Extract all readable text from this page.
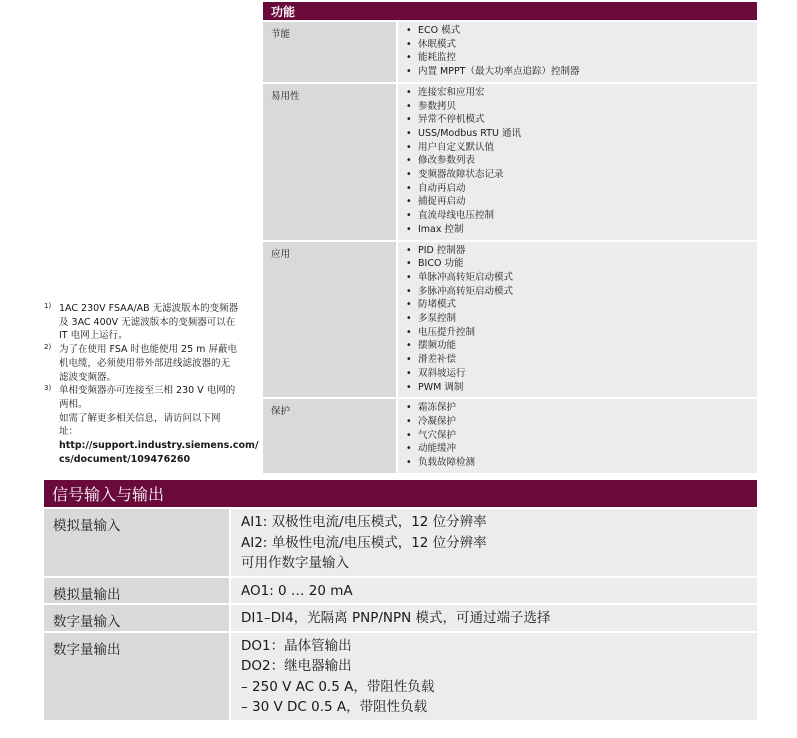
功能
节能	• ECO 模式
• 休眠模式
• 能耗监控
• 内置 MPPT（最大功率点追踪）控制器
易用性	• 连接宏和应用宏
• 参数拷贝
• 异常不停机模式
• USS/Modbus RTU 通讯
• 用户自定义默认值
• 修改参数列表
• 变频器故障状态记录
• 自动再启动
• 捕捉再启动
• 直流母线电压控制
• Imax 控制
应用	• PID 控制器
• BICO 功能
• 单脉冲高转矩启动模式
• 多脉冲高转矩启动模式
• 防堵模式
• 多泵控制
• 电压提升控制
• 摆频功能
• 滑差补偿
• 双斜坡运行
• PWM 调制
保护	• 霜冻保护
• 冷凝保护
• 气穴保护
• 动能缓冲
• 负载故障检测
1) 1AC 230V FSAA/AB 无滤波版本的变频器
及 3AC 400V 无滤波版本的变频器可以在
IT 电网上运行。
2) 为了在使用 FSA 时也能使用 25 m 屏蔽电
机电缆，必须使用带外部进线滤波器的无
滤波变频器。
3) 单相变频器亦可连接至三相 230 V 电网的
两相。
如需了解更多相关信息，请访问以下网
址：
http://support.industry.siemens.com/
cs/document/109476260
信号输入与输出
模拟量输入	AI1: 双极性电流/电压模式，12 位分辨率
AI2: 单极性电流/电压模式，12 位分辨率
可用作数字量输入
模拟量输出	AO1: 0 … 20 mA
数字量输入	DI1–DI4，光隔离 PNP/NPN 模式，可通过端子选择
数字量输出	DO1：晶体管输出
DO2：继电器输出
– 250 V AC 0.5 A，带阻性负载
– 30 V DC 0.5 A，带阻性负载
